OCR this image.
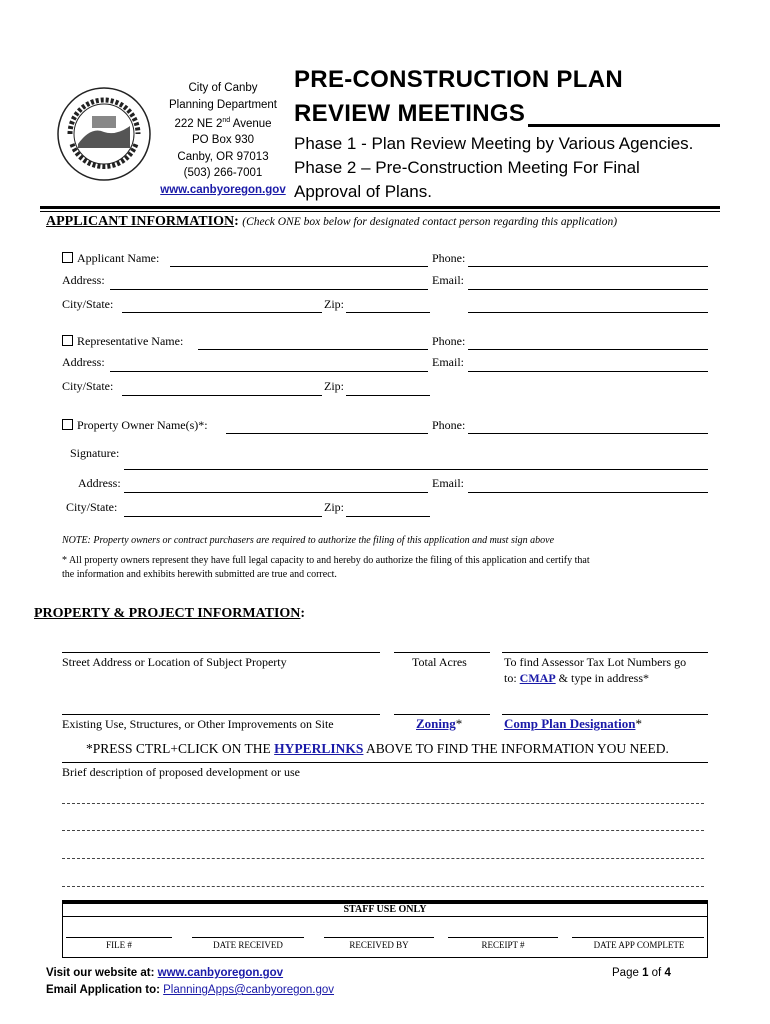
City of Canby
Planning Department
222 NE 2nd Avenue
PO Box 930
Canby, OR 97013
(503) 266-7001
www.canbyoregon.gov
PRE-CONSTRUCTION PLAN
REVIEW MEETINGS
Phase 1 - Plan Review Meeting by Various Agencies.
Phase 2 – Pre-Construction Meeting For Final
Approval of Plans.
APPLICANT INFORMATION: (Check ONE box below for designated contact person regarding this application)
Applicant Name:	Phone:
Address:	Email:
City/State:	Zip:
Representative Name:	Phone:
Address:	Email:
City/State:	Zip:
Property Owner Name(s)*:	Phone:
Signature:
Address:	Email:
City/State:	Zip:
NOTE: Property owners or contract purchasers are required to authorize the filing of this application and must sign above
* All property owners represent they have full legal capacity to and hereby do authorize the filing of this application and certify that
the information and exhibits herewith submitted are true and correct.
PROPERTY & PROJECT INFORMATION:
Street Address or Location of Subject Property	Total Acres	To find Assessor Tax Lot Numbers go
to: CMAP & type in address*
Existing Use, Structures, or Other Improvements on Site	Zoning*	Comp Plan Designation*
*PRESS CTRL+CLICK ON THE HYPERLINKS ABOVE TO FIND THE INFORMATION YOU NEED.
Brief description of proposed development or use
STAFF USE ONLY
FILE #	DATE RECEIVED	RECEIVED BY	RECEIPT #	DATE APP COMPLETE
Visit our website at: www.canbyoregon.gov
Email Application to: PlanningApps@canbyoregon.gov
Page 1 of 4
